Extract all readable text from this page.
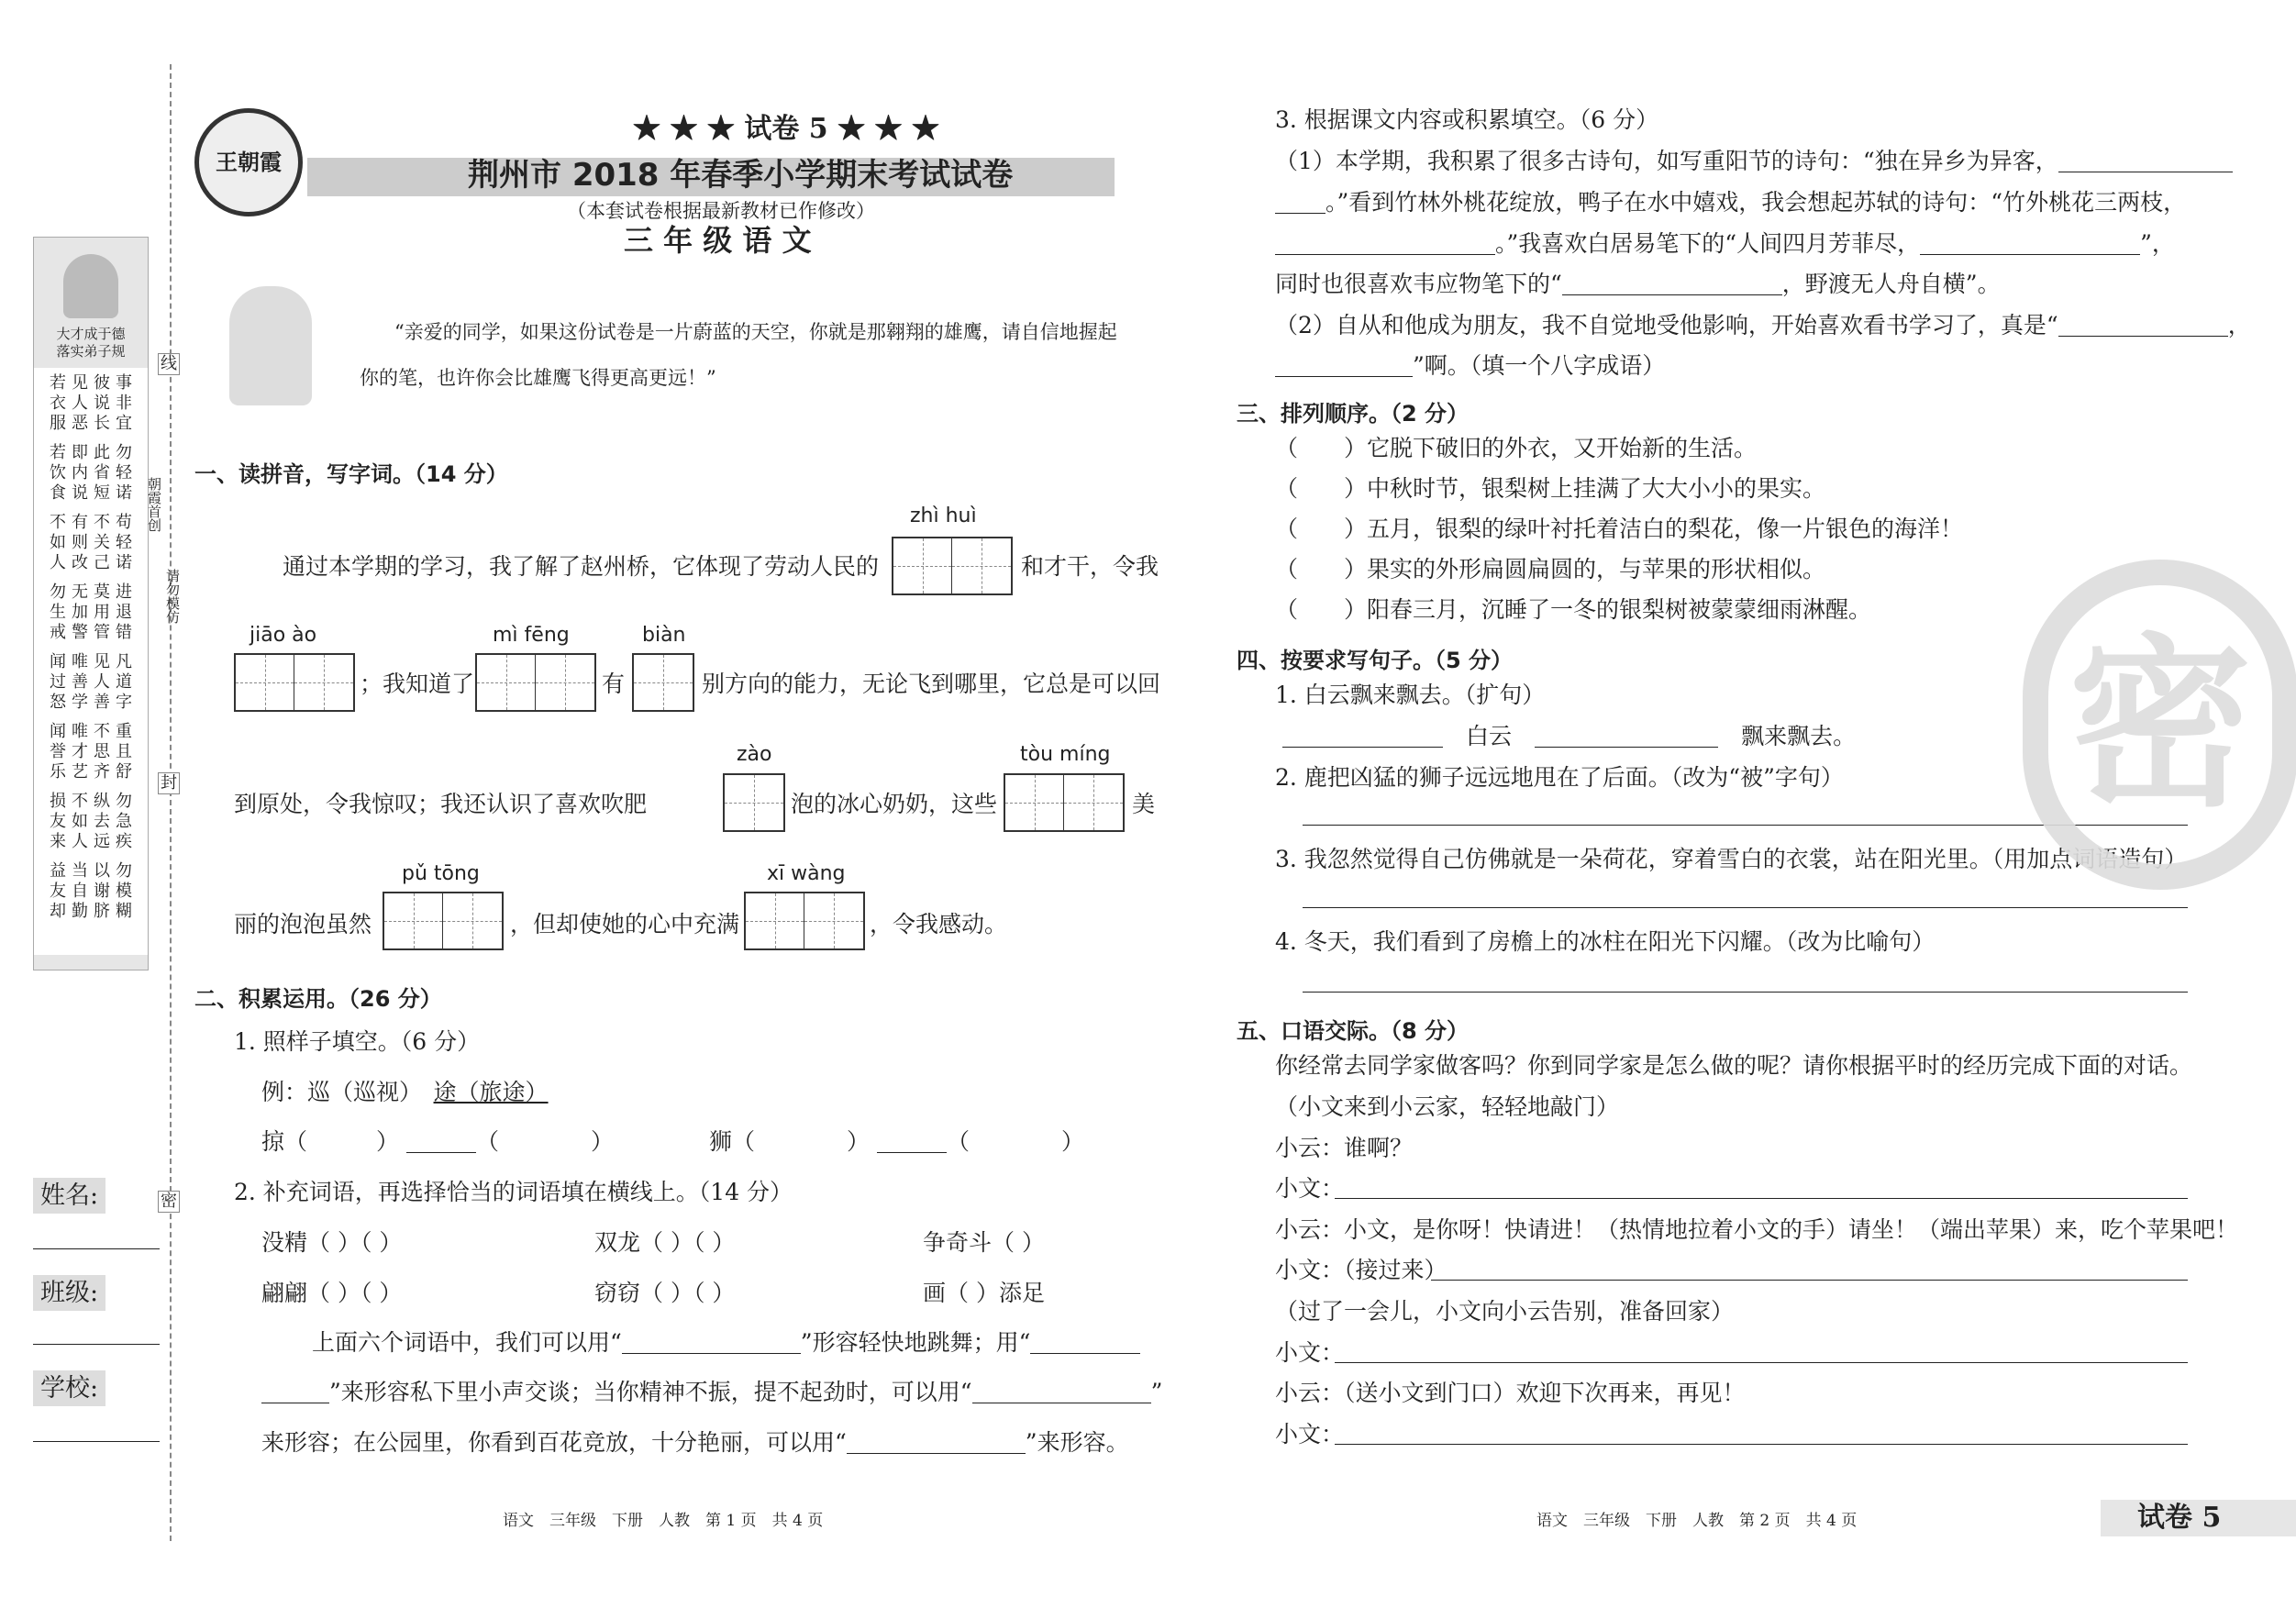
大才成于德
落实弟子规
若衣服
见人恶
彼说长
事非宜
若饮食
即内说
此省短
勿轻诺
不如人
有则改
不关己
苟轻诺
勿生戒
无加警
莫用管
进退错
闻过怒
唯善学
见人善
凡道字
闻誉乐
唯才艺
不思齐
重且舒
损友来
不如人
纵去远
勿急疾
益友却
当自勤
以谢脐
勿模糊
线
朝霞首创
请勿模仿
封
密
姓名:
班级:
学校:
王朝霞
★ ★ ★ 试卷 5 ★ ★ ★
荆州市 2018 年春季小学期末考试试卷
（本套试卷根据最新教材已作修改）
三 年 级 语 文
“亲爱的同学，如果这份试卷是一片蔚蓝的天空，你就是那翱翔的雄鹰，请自信地握起
你的笔，也许你会比雄鹰飞得更高更远！”
一、读拼音，写字词。（14 分）
zhì huì
通过本学期的学习，我了解了赵州桥，它体现了劳动人民的	和才干，令我
jiāo ào
；我知道了
mì fēng
有
biàn
别方向的能力，无论飞到哪里，它总是可以回
到原处，令我惊叹；我还认识了喜欢吹肥
zào
泡的冰心奶奶，这些
tòu míng
美
丽的泡泡虽然
pǔ tōng
，但却使她的心中充满
xī wàng
，令我感动。
二、积累运用。（26 分）
1. 照样子填空。（6 分）
例：巡（巡视）　 途（旅途）
掠（　　　	）	（　　　　	）	狮（　　　　	）	（　　　　	）
2. 补充词语，再选择恰当的词语填在横线上。（14 分）
没精（ ）（ ）	双龙（ ）（ ）	争奇斗（ ）
翩翩（ ）（ ）	窃窃（ ）（ ）	画（ ）添足
上面六个词语中，我们可以用“	”形容轻快地跳舞；用“
”来形容私下里小声交谈；当你精神不振，提不起劲时，可以用“	”
来形容；在公园里，你看到百花竞放，十分艳丽，可以用“	”来形容。
语文　三年级　下册　人教　第 1 页　共 4 页
3. 根据课文内容或积累填空。（6 分）
（1）本学期，我积累了很多古诗句，如写重阳节的诗句：“独在异乡为异客，
。”看到竹林外桃花绽放，鸭子在水中嬉戏，我会想起苏轼的诗句：“竹外桃花三两枝，
。”我喜欢白居易笔下的“人间四月芳菲尽，	”，
同时也很喜欢韦应物笔下的“	，野渡无人舟自横”。
（2）自从和他成为朋友，我不自觉地受他影响，开始喜欢看书学习了，真是“	，
”啊。（填一个八字成语）
三、排列顺序。（2 分）
（　　）它脱下破旧的外衣，又开始新的生活。
（　　）中秋时节，银梨树上挂满了大大小小的果实。
（　　）五月，银梨的绿叶衬托着洁白的梨花，像一片银色的海洋！
（　　）果实的外形扁圆扁圆的，与苹果的形状相似。
（　　）阳春三月，沉睡了一冬的银梨树被蒙蒙细雨淋醒。
四、按要求写句子。（5 分）
1. 白云飘来飘去。（扩句）
　白云　　	飘来飘去。
2. 鹿把凶猛的狮子远远地甩在了后面。（改为“被”字句）
3. 我忽然觉得自己仿佛就是一朵荷花，穿着雪白的衣裳，站在阳光里。（用加点词语造句）
4. 冬天，我们看到了房檐上的冰柱在阳光下闪耀。（改为比喻句）
五、口语交际。（8 分）
你经常去同学家做客吗？你到同学家是怎么做的呢？请你根据平时的经历完成下面的对话。
（小文来到小云家，轻轻地敲门）
小云：谁啊？
小文：
小云：小文，是你呀！快请进！（热情地拉着小文的手）请坐！（端出苹果）来，吃个苹果吧！
小文：（接过来）
（过了一会儿，小文向小云告别，准备回家）
小文：
小云：（送小文到门口）欢迎下次再来，再见！
小文：
密
语文　三年级　下册　人教　第 2 页　共 4 页	试卷 5
